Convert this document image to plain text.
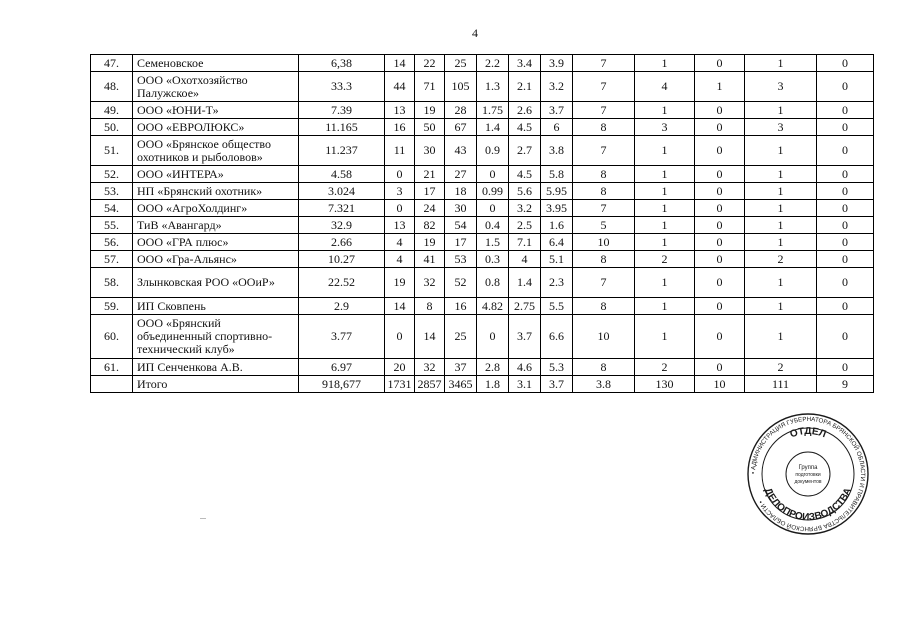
4
47.	Семеновское	6,38	14	22	25	2.2	3.4	3.9	7	1	0	1	0
48.	ООО «Охотхозяйство Палужское»	33.3	44	71	105	1.3	2.1	3.2	7	4	1	3	0
49.	ООО «ЮНИ-Т»	7.39	13	19	28	1.75	2.6	3.7	7	1	0	1	0
50.	ООО «ЕВРОЛЮКС»	11.165	16	50	67	1.4	4.5	6	8	3	0	3	0
51.	ООО «Брянское общество охотников и рыболовов»	11.237	11	30	43	0.9	2.7	3.8	7	1	0	1	0
52.	ООО «ИНТЕРА»	4.58	0	21	27	0	4.5	5.8	8	1	0	1	0
53.	НП «Брянский охотник»	3.024	3	17	18	0.99	5.6	5.95	8	1	0	1	0
54.	ООО «АгроХолдинг»	7.321	0	24	30	0	3.2	3.95	7	1	0	1	0
55.	ТиВ «Авангард»	32.9	13	82	54	0.4	2.5	1.6	5	1	0	1	0
56.	ООО «ГРА плюс»	2.66	4	19	17	1.5	7.1	6.4	10	1	0	1	0
57.	ООО «Гра-Альянс»	10.27	4	41	53	0.3	4	5.1	8	2	0	2	0
58.	Злынковская РОО «ООиР»	22.52	19	32	52	0.8	1.4	2.3	7	1	0	1	0
59.	ИП Сковпень	2.9	14	8	16	4.82	2.75	5.5	8	1	0	1	0
60.	ООО «Брянский объединенный спортивно-технический клуб»	3.77	0	14	25	0	3.7	6.6	10	1	0	1	0
61.	ИП Сенченкова А.В.	6.97	20	32	37	2.8	4.6	5.3	8	2	0	2	0
	Итого	918,677	1731	2857	3465	1.8	3.1	3.7	3.8	130	10	111	9
• АДМИНИСТРАЦИЯ ГУБЕРНАТОРА БРЯНСКОЙ ОБЛАСТИ И ПРАВИТЕЛЬСТВА БРЯНСКОЙ ОБЛАСТИ •
ОТДЕЛ
ДЕЛОПРОИЗВОДСТВА
Группа
подготовки
документов
